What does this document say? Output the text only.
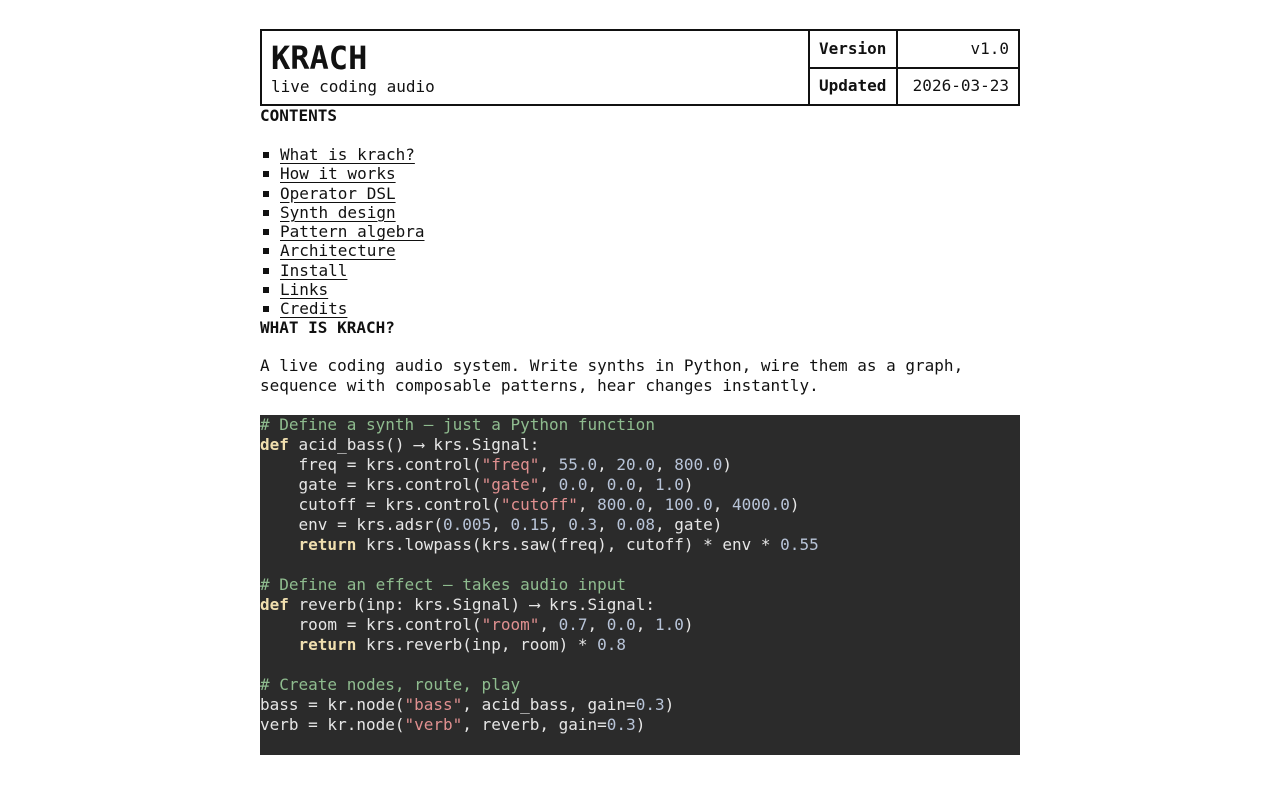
KRACH
live coding audio
Version	v1.0
Updated	2026-03-23
CONTENTS
What is krach?
How it works
Operator DSL
Synth design
Pattern algebra
Architecture
Install
Links
Credits
WHAT IS KRACH?

A live coding audio system. Write synths in Python, wire them as a graph,
sequence with composable patterns, hear changes instantly.

# Define a synth — just a Python function
def acid_bass() ⟶ krs.Signal:
freq = krs.control("freq", 55.0, 20.0, 800.0)
gate = krs.control("gate", 0.0, 0.0, 1.0)
cutoff = krs.control("cutoff", 800.0, 100.0, 4000.0)
env = krs.adsr(0.005, 0.15, 0.3, 0.08, gate)
return krs.lowpass(krs.saw(freq), cutoff) * env * 0.55

# Define an effect — takes audio input
def reverb(inp: krs.Signal) ⟶ krs.Signal:
room = krs.control("room", 0.7, 0.0, 1.0)
return krs.reverb(inp, room) * 0.8

# Create nodes, route, play
bass = kr.node("bass", acid_bass, gain=0.3)
verb = kr.node("verb", reverb, gain=0.3)
